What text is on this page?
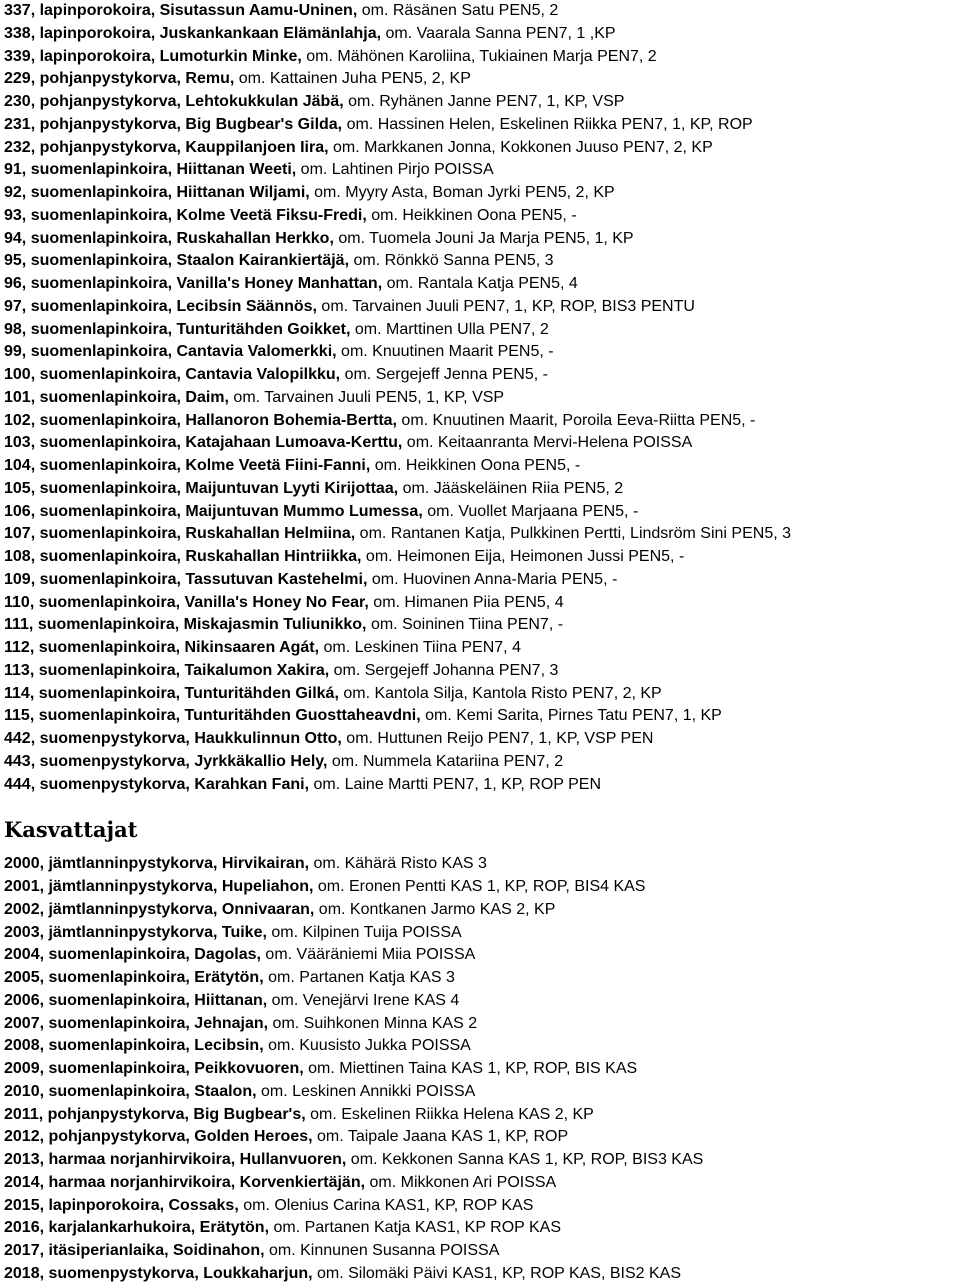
337, lapinporokoira, Sisutassun Aamu-Uninen, om. Räsänen Satu PEN5, 2
338, lapinporokoira, Juskankankaan Elämänlahja, om. Vaarala Sanna PEN7, 1 ,KP
339, lapinporokoira, Lumoturkin Minke, om. Mähönen Karoliina, Tukiainen Marja PEN7, 2
229, pohjanpystykorva, Remu, om. Kattainen Juha PEN5, 2, KP
230, pohjanpystykorva, Lehtokukkulan Jäbä, om. Ryhänen Janne PEN7, 1, KP, VSP
231, pohjanpystykorva, Big Bugbear's Gilda, om. Hassinen Helen, Eskelinen Riikka PEN7, 1, KP, ROP
232, pohjanpystykorva, Kauppilanjoen Iira, om. Markkanen Jonna, Kokkonen Juuso PEN7, 2, KP
91, suomenlapinkoira, Hiittanan Weeti, om. Lahtinen Pirjo POISSA
92, suomenlapinkoira, Hiittanan Wiljami, om. Myyry Asta, Boman Jyrki PEN5, 2, KP
93, suomenlapinkoira, Kolme Veetä Fiksu-Fredi, om. Heikkinen Oona PEN5, -
94, suomenlapinkoira, Ruskahallan Herkko, om. Tuomela Jouni Ja Marja PEN5, 1, KP
95, suomenlapinkoira, Staalon Kairankiertäjä, om. Rönkkö Sanna PEN5, 3
96, suomenlapinkoira, Vanilla's Honey Manhattan, om. Rantala Katja PEN5, 4
97, suomenlapinkoira, Lecibsin Säännös, om. Tarvainen Juuli PEN7, 1, KP, ROP, BIS3 PENTU
98, suomenlapinkoira, Tunturitähden Goikket, om. Marttinen Ulla PEN7, 2
99, suomenlapinkoira, Cantavia Valomerkki, om. Knuutinen Maarit PEN5, -
100, suomenlapinkoira, Cantavia Valopilkku, om. Sergejeff Jenna PEN5, -
101, suomenlapinkoira, Daim, om. Tarvainen Juuli PEN5, 1, KP, VSP
102, suomenlapinkoira, Hallanoron Bohemia-Bertta, om. Knuutinen Maarit, Poroila Eeva-Riitta PEN5, -
103, suomenlapinkoira, Katajahaan Lumoava-Kerttu, om. Keitaanranta Mervi-Helena POISSA
104, suomenlapinkoira, Kolme Veetä Fiini-Fanni, om. Heikkinen Oona PEN5, -
105, suomenlapinkoira, Maijuntuvan Lyyti Kirijottaa, om. Jääskeläinen Riia PEN5, 2
106, suomenlapinkoira, Maijuntuvan Mummo Lumessa, om. Vuollet Marjaana PEN5, -
107, suomenlapinkoira, Ruskahallan Helmiina, om. Rantanen Katja, Pulkkinen Pertti, Lindsröm Sini PEN5, 3
108, suomenlapinkoira, Ruskahallan Hintriikka, om. Heimonen Eija, Heimonen Jussi PEN5, -
109, suomenlapinkoira, Tassutuvan Kastehelmi, om. Huovinen Anna-Maria PEN5, -
110, suomenlapinkoira, Vanilla's Honey No Fear, om. Himanen Piia PEN5, 4
111, suomenlapinkoira, Miskajasmin Tuliunikko, om. Soininen Tiina PEN7, -
112, suomenlapinkoira, Nikinsaaren Agát, om. Leskinen Tiina PEN7, 4
113, suomenlapinkoira, Taikalumon Xakira, om. Sergejeff Johanna PEN7, 3
114, suomenlapinkoira, Tunturitähden Gilká, om. Kantola Silja, Kantola Risto PEN7, 2, KP
115, suomenlapinkoira, Tunturitähden Guosttaheavdni, om. Kemi Sarita, Pirnes Tatu PEN7, 1, KP
442, suomenpystykorva, Haukkulinnun Otto, om. Huttunen Reijo PEN7, 1, KP, VSP PEN
443, suomenpystykorva, Jyrkkäkallio Hely, om. Nummela Katariina PEN7, 2
444, suomenpystykorva, Karahkan Fani, om. Laine Martti PEN7, 1, KP, ROP PEN
Kasvattajat
2000, jämtlanninpystykorva, Hirvikairan, om. Kähärä Risto KAS 3
2001, jämtlanninpystykorva, Hupeliahon, om. Eronen Pentti KAS 1, KP, ROP, BIS4 KAS
2002, jämtlanninpystykorva, Onnivaaran, om. Kontkanen Jarmo KAS 2, KP
2003, jämtlanninpystykorva, Tuike, om. Kilpinen Tuija POISSA
2004, suomenlapinkoira, Dagolas, om. Vääräniemi Miia POISSA
2005, suomenlapinkoira, Erätytön, om. Partanen Katja KAS 3
2006, suomenlapinkoira, Hiittanan, om. Venejärvi Irene KAS 4
2007, suomenlapinkoira, Jehnajan, om. Suihkonen Minna KAS 2
2008, suomenlapinkoira, Lecibsin, om. Kuusisto Jukka POISSA
2009, suomenlapinkoira, Peikkovuoren, om. Miettinen Taina KAS 1, KP, ROP, BIS KAS
2010, suomenlapinkoira, Staalon, om. Leskinen Annikki POISSA
2011, pohjanpystykorva, Big Bugbear's, om. Eskelinen Riikka Helena KAS 2, KP
2012, pohjanpystykorva, Golden Heroes, om. Taipale Jaana KAS 1, KP, ROP
2013, harmaa norjanhirvikoira, Hullanvuoren, om. Kekkonen Sanna KAS 1, KP, ROP, BIS3 KAS
2014, harmaa norjanhirvikoira, Korvenkiertäjän, om. Mikkonen Ari POISSA
2015, lapinporokoira, Cossaks, om. Olenius Carina KAS1, KP, ROP KAS
2016, karjalankarhukoira, Erätytön, om. Partanen Katja KAS1, KP ROP KAS
2017, itäsiperianlaika, Soidinahon, om. Kinnunen Susanna POISSA
2018, suomenpystykorva, Loukkaharjun, om. Silomäki Päivi KAS1, KP, ROP KAS, BIS2 KAS
